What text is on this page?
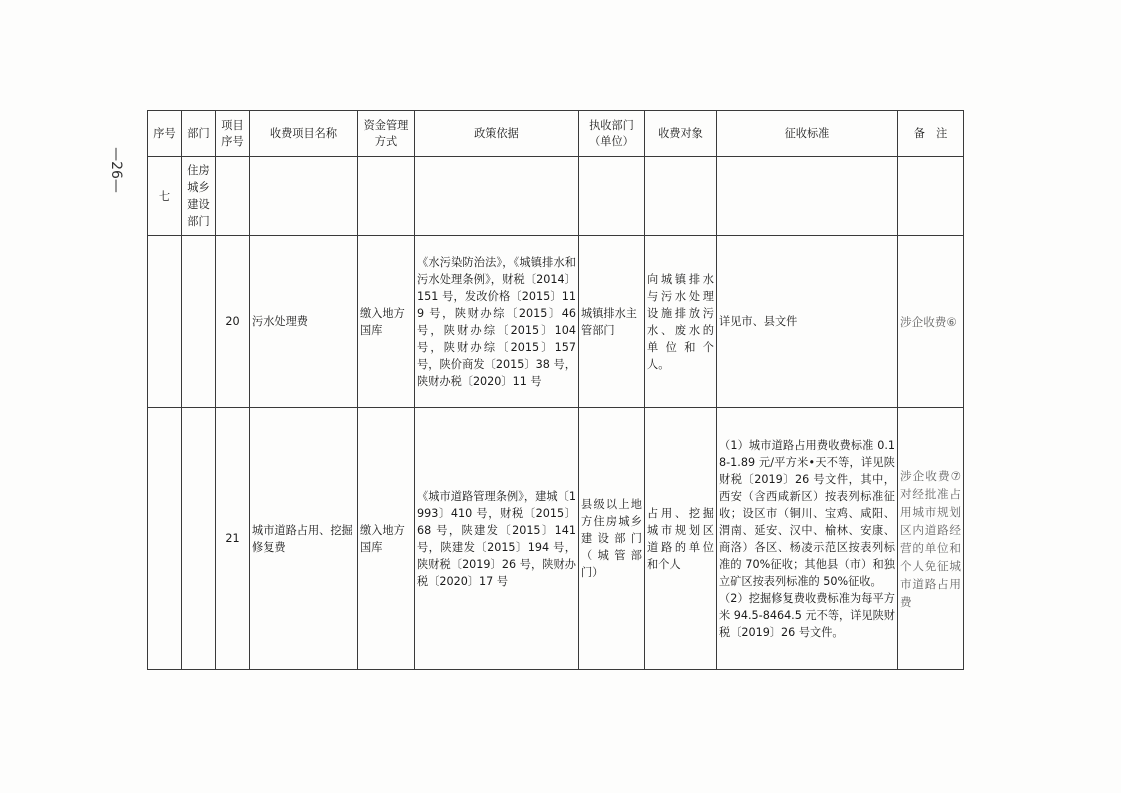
—26—
序号	部门	项目序号	收费项目名称	资金管理方式	政策依据	执收部门（单位）	收费对象	征收标准	备　注
七	住房城乡建设部门								
		20	污水处理费	缴入地方国库	《水污染防治法》，《城镇排水和污水处理条例》，财税〔2014〕151 号，发改价格〔2015〕119 号，陕财办综〔2015〕46 号，陕财办综〔2015〕104 号，陕财办综〔2015〕157 号，陕价商发〔2015〕38 号，陕财办税〔2020〕11 号	城镇排水主管部门	向城镇排水与污水处理设施排放污水、废水的单位和个人。	详见市、县文件	涉企收费⑥
		21	城市道路占用、挖掘修复费	缴入地方国库	《城市道路管理条例》，建城〔1993〕410 号，财税〔2015〕68 号，陕建发〔2015〕141 号，陕建发〔2015〕194 号，陕财税〔2019〕26 号，陕财办税〔2020〕17 号	县级以上地方住房城乡建设部门（城管部门）	占用、挖掘城市规划区道路的单位和个人	（1）城市道路占用费收费标准 0.18-1.89 元/平方米•天不等，详见陕财税〔2019〕26 号文件，其中，西安（含西咸新区）按表列标准征收；设区市（铜川、宝鸡、咸阳、渭南、延安、汉中、榆林、安康、商洛）各区、杨凌示范区按表列标准的 70%征收；其他县（市）和独立矿区按表列标准的 50%征收。

（2）挖掘修复费收费标准为每平方米 94.5-8464.5 元不等，详见陕财税〔2019〕26 号文件。	涉企收费⑦对经批准占用城市规划区内道路经营的单位和个人免征城市道路占用费
